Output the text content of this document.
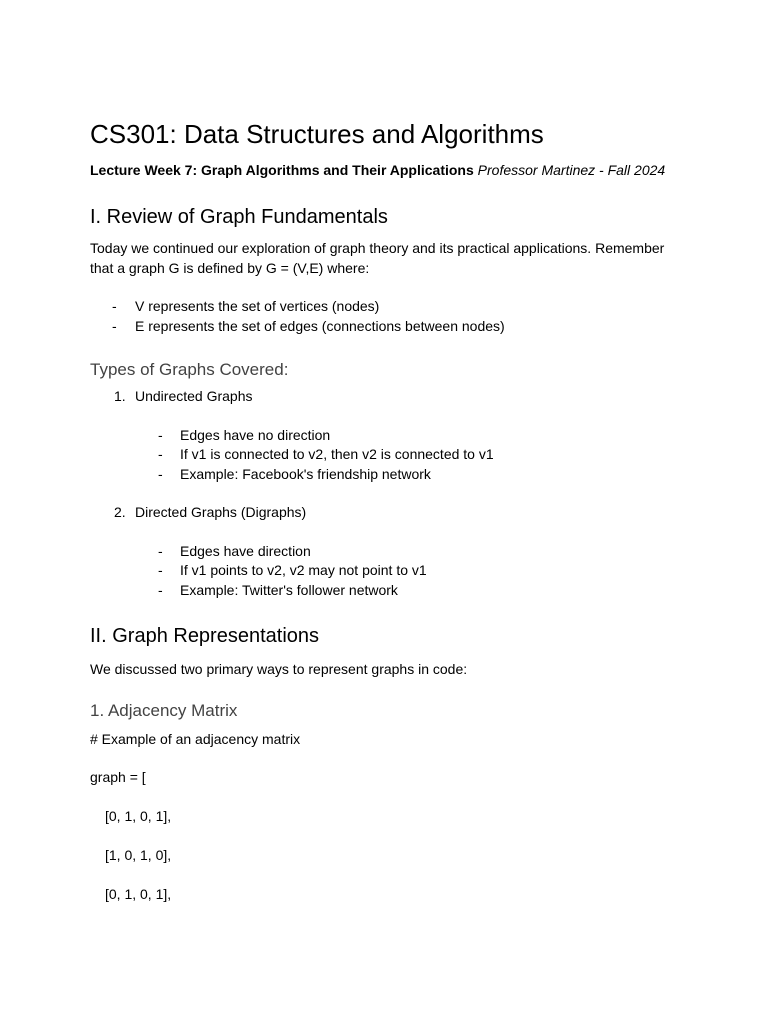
CS301: Data Structures and Algorithms

Lecture Week 7: Graph Algorithms and Their Applications Professor Martinez - Fall 2024

I. Review of Graph Fundamentals

Today we continued our exploration of graph theory and its practical applications. Remember
that a graph G is defined by G = (V,E) where:

- V represents the set of vertices (nodes)
- E represents the set of edges (connections between nodes)
Types of Graphs Covered:
1. Undirected Graphs
- Edges have no direction
- If v1 is connected to v2, then v2 is connected to v1
- Example: Facebook's friendship network
2. Directed Graphs (Digraphs)
- Edges have direction
- If v1 points to v2, v2 may not point to v1
- Example: Twitter's follower network
II. Graph Representations
We discussed two primary ways to represent graphs in code:
1. Adjacency Matrix
# Example of an adjacency matrix
graph = [
[0, 1, 0, 1],
[1, 0, 1, 0],
[0, 1, 0, 1],
